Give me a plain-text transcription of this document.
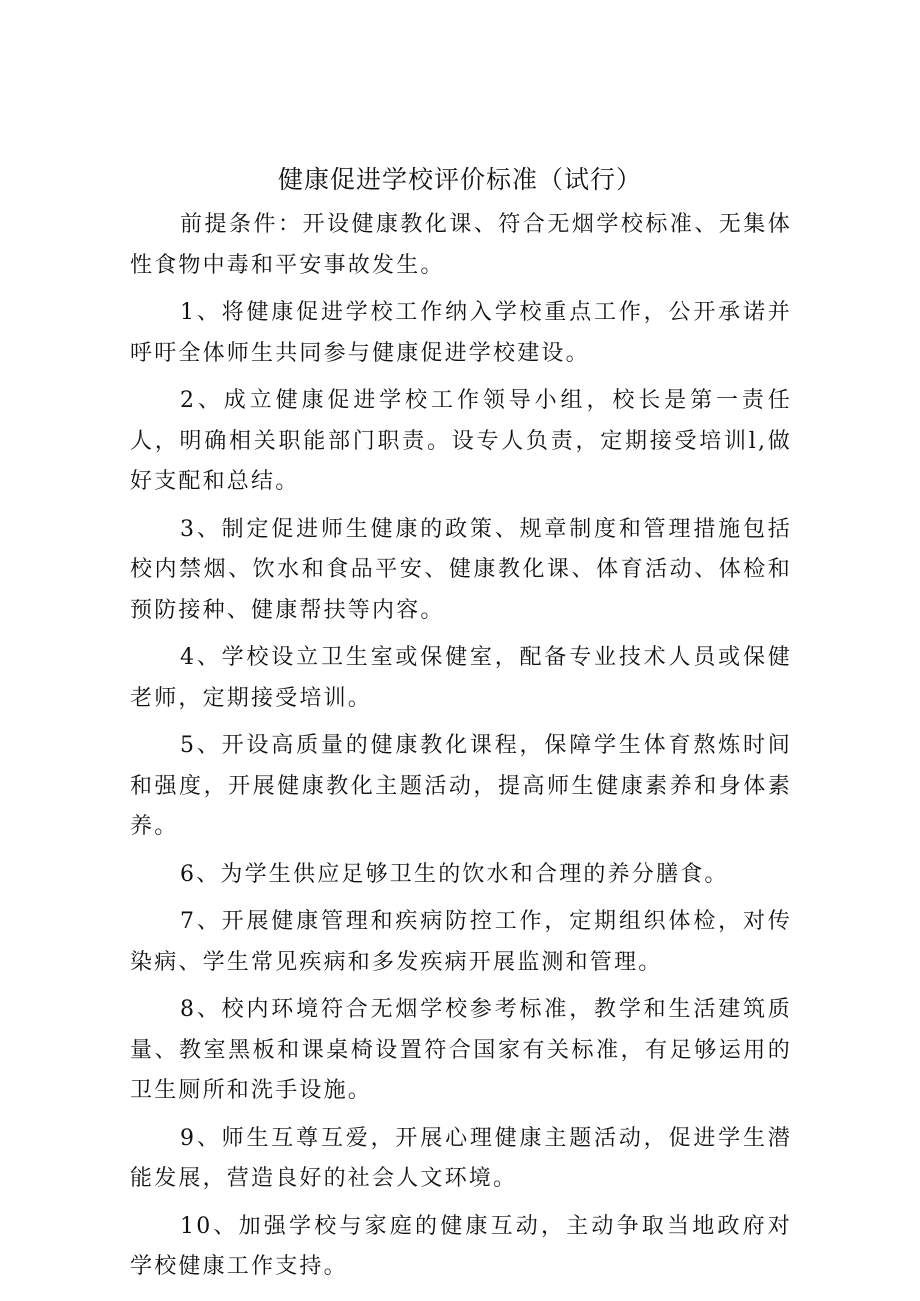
健康促进学校评价标准（试行）

前提条件：开设健康教化课、符合无烟学校标准、无集体性食物中毒和平安事故发生。

1、将健康促进学校工作纳入学校重点工作，公开承诺并呼吁全体师生共同参与健康促进学校建设。

2、成立健康促进学校工作领导小组，校长是第一责任人，明确相关职能部门职责。设专人负责，定期接受培训l,做好支配和总结。

3、制定促进师生健康的政策、规章制度和管理措施包括校内禁烟、饮水和食品平安、健康教化课、体育活动、体检和预防接种、健康帮扶等内容。

4、学校设立卫生室或保健室，配备专业技术人员或保健老师，定期接受培训。

5、开设高质量的健康教化课程，保障学生体育熬炼时间和强度，开展健康教化主题活动，提高师生健康素养和身体素养。

6、为学生供应足够卫生的饮水和合理的养分膳食。

7、开展健康管理和疾病防控工作，定期组织体检，对传染病、学生常见疾病和多发疾病开展监测和管理。

8、校内环境符合无烟学校参考标准，教学和生活建筑质量、教室黑板和课桌椅设置符合国家有关标准，有足够运用的卫生厕所和洗手设施。

9、师生互尊互爱，开展心理健康主题活动，促进学生潜能发展，营造良好的社会人文环境。

10、加强学校与家庭的健康互动，主动争取当地政府对学校健康工作支持。
